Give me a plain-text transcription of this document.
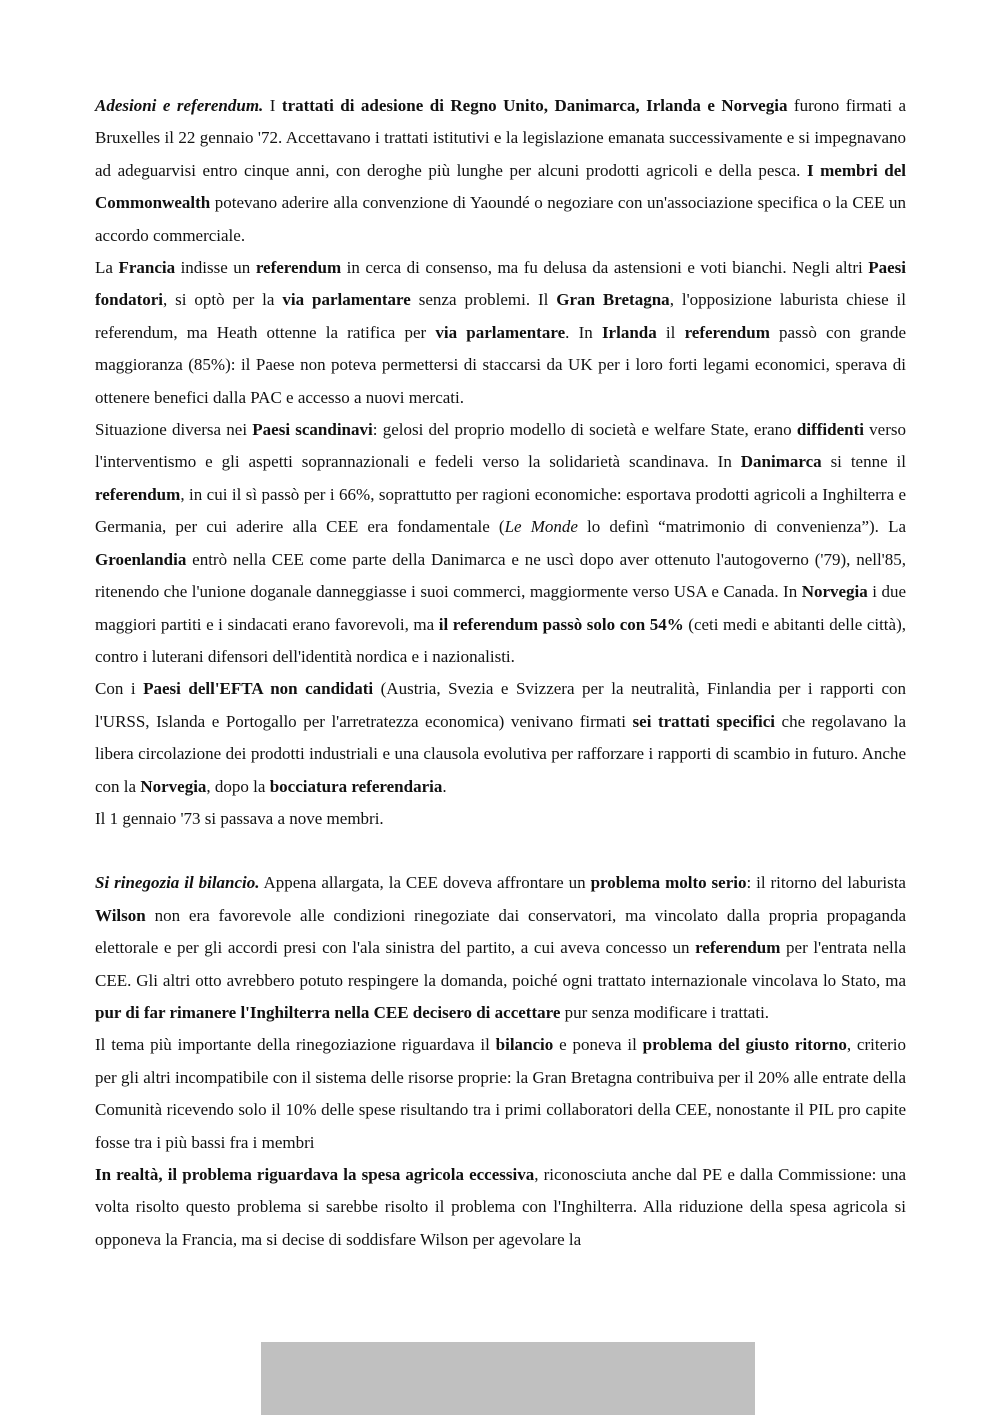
Adesioni e referendum. I trattati di adesione di Regno Unito, Danimarca, Irlanda e Norvegia furono firmati a Bruxelles il 22 gennaio '72. Accettavano i trattati istitutivi e la legislazione emanata successivamente e si impegnavano ad adeguarvisi entro cinque anni, con deroghe più lunghe per alcuni prodotti agricoli e della pesca. I membri del Commonwealth potevano aderire alla convenzione di Yaoundé o negoziare con un'associazione specifica o la CEE un accordo commerciale.

La Francia indisse un referendum in cerca di consenso, ma fu delusa da astensioni e voti bianchi. Negli altri Paesi fondatori, si optò per la via parlamentare senza problemi. Il Gran Bretagna, l'opposizione laburista chiese il referendum, ma Heath ottenne la ratifica per via parlamentare. In Irlanda il referendum passò con grande maggioranza (85%): il Paese non poteva permettersi di staccarsi da UK per i loro forti legami economici, sperava di ottenere benefici dalla PAC e accesso a nuovi mercati.

Situazione diversa nei Paesi scandinavi: gelosi del proprio modello di società e welfare State, erano diffidenti verso l'interventismo e gli aspetti soprannazionali e fedeli verso la solidarietà scandinava. In Danimarca si tenne il referendum, in cui il sì passò per i 66%, soprattutto per ragioni economiche: esportava prodotti agricoli a Inghilterra e Germania, per cui aderire alla CEE era fondamentale (Le Monde lo definì “matrimonio di convenienza”). La Groenlandia entrò nella CEE come parte della Danimarca e ne uscì dopo aver ottenuto l'autogoverno ('79), nell'85, ritenendo che l'unione doganale danneggiasse i suoi commerci, maggiormente verso USA e Canada. In Norvegia i due maggiori partiti e i sindacati erano favorevoli, ma il referendum passò solo con 54% (ceti medi e abitanti delle città), contro i luterani difensori dell'identità nordica e i nazionalisti.

Con i Paesi dell'EFTA non candidati (Austria, Svezia e Svizzera per la neutralità, Finlandia per i rapporti con l'URSS, Islanda e Portogallo per l'arretratezza economica) venivano firmati sei trattati specifici che regolavano la libera circolazione dei prodotti industriali e una clausola evolutiva per rafforzare i rapporti di scambio in futuro. Anche con la Norvegia, dopo la bocciatura referendaria.

Il 1 gennaio '73 si passava a nove membri.

Si rinegozia il bilancio. Appena allargata, la CEE doveva affrontare un problema molto serio: il ritorno del laburista Wilson non era favorevole alle condizioni rinegoziate dai conservatori, ma vincolato dalla propria propaganda elettorale e per gli accordi presi con l'ala sinistra del partito, a cui aveva concesso un referendum per l'entrata nella CEE. Gli altri otto avrebbero potuto respingere la domanda, poiché ogni trattato internazionale vincolava lo Stato, ma pur di far rimanere l'Inghilterra nella CEE decisero di accettare pur senza modificare i trattati.

Il tema più importante della rinegoziazione riguardava il bilancio e poneva il problema del giusto ritorno, criterio per gli altri incompatibile con il sistema delle risorse proprie: la Gran Bretagna contribuiva per il 20% alle entrate della Comunità ricevendo solo il 10% delle spese risultando tra i primi collaboratori della CEE, nonostante il PIL pro capite fosse tra i più bassi fra i membri

In realtà, il problema riguardava la spesa agricola eccessiva, riconosciuta anche dal PE e dalla Commissione: una volta risolto questo problema si sarebbe risolto il problema con l'Inghilterra. Alla riduzione della spesa agricola si opponeva la Francia, ma si decise di soddisfare Wilson per agevolare la
